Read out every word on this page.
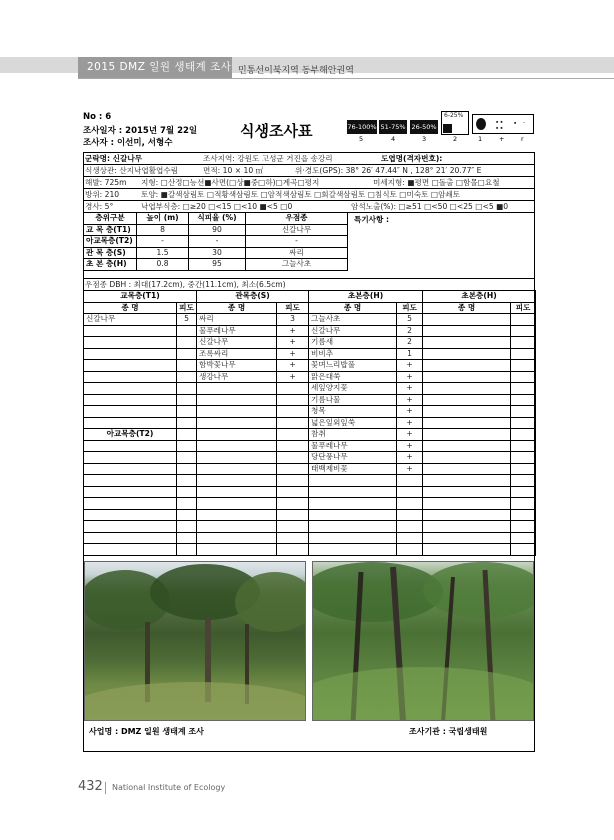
2015 DMZ 일원 생태계 조사 민통선이북지역 동부해안권역
No : 6
조사일자 : 2015년 7월 22일
조사자 : 이선미, 서형수
식생조사표	76-100% 51-75% 26-50%
6-25%
∙∙
∙∙
∙ ·
5	4	3	2	1	+	r
군락명: 신갈나무	조사지역: 강원도 고성군 거진읍 송강리	도엽명(격자번호):
식생상관: 산지낙엽활엽수림	면적: 10 × 10 ㎡	위·경도(GPS): 38° 26′ 47.44″ N , 128° 21′ 20.77″ E
해발: 725m 지형: □산정□능선■사면(□상■중□하)□계곡□평지	미세지형: ■평면 □돌출 □함몰□요철
방위: 210	토양: ■갈색삼림토 □적황색삼림토 □암적색삼림토 □회갈색삼림토 □침식토 □미숙토 □암쇄토
경사: 5°	낙엽부식층: □≥20 □<15 □<10 ■<5 □0	암석노출(%): □≥51 □<50 □<25 □<5 ■0
층위구분	높이 (m)	식피율 (%)	우점종
교 목 층(T1)	8	90	신갈나무
아교목층(T2)	-	-	-
관 목 층(S)	1.5	30	싸리
초 본 층(H)	0.8	95	그늘사초
특기사항 :
우점종 DBH : 최대(17.2cm), 중간(11.1cm), 최소(6.5cm)
교목층(T1)		관목층(S)		초본층(H)		초본층(H)	
종 명	피도	종 명	피도	종 명	피도	종 명	피도
신갈나무	5	싸리	3	그늘사초	5		
		물푸레나무	+	신갈나무	2		
		신갈나무	+	기름새	2		
		조록싸리	+	비비추	1		
		함박꽃나무	+	꽃며느리밥풀	+		
		생강나무	+	맑은대쑥	+		
				세잎양지꽃	+		
				기름나물	+		
				청목	+		
				넓은잎외잎쑥	+		
아교목층(T2)				참취	+		
				물푸레나무	+		
				당단풍나무	+		
				태백제비꽃	+		

사업명 : DMZ 일원 생태계 조사	조사기관 : 국립생태원
432 National Institute of Ecology
